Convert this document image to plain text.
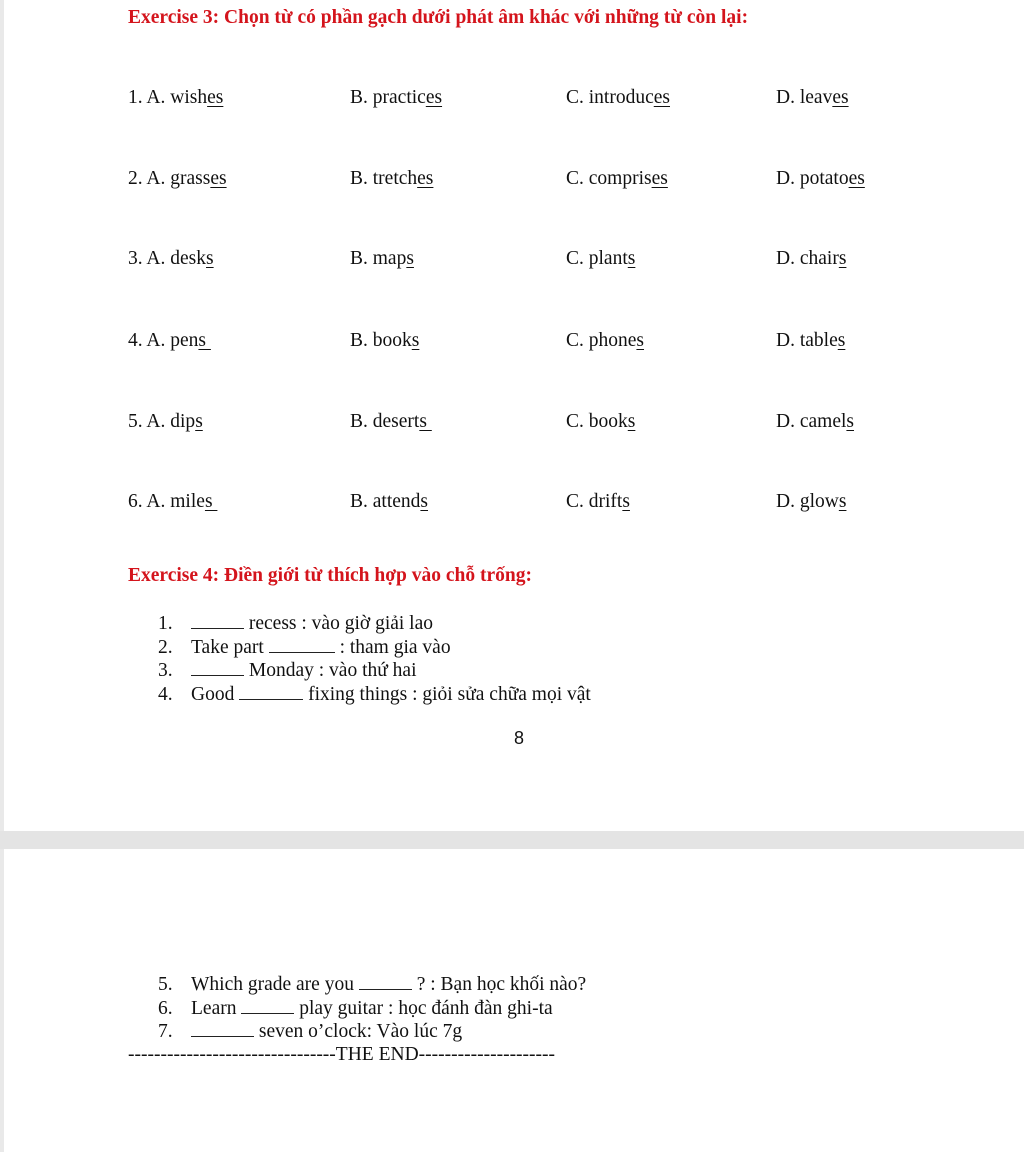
Exercise 3: Chọn từ có phần gạch dưới phát âm khác với những từ còn lại:
1. A. wishes	B. practices	C. introduces	D. leaves
2. A. grasses	B. tretches	C. comprises	D. potatoes
3. A. desks	B. maps	C. plants	D. chairs
4. A. pens	B. books	C. phones	D. tables
5. A. dips	B. deserts	C. books	D. camels
6. A. miles	B. attends	C. drifts	D. glows
Exercise 4: Điền giới từ thích hợp vào chỗ trống:
1.	recess : vào giờ giải lao
2. Take part	: tham gia vào
3.	Monday : vào thứ hai
4. Good	fixing things : giỏi sửa chữa mọi vật
8
5. Which grade are you	? : Bạn học khối nào?
6. Learn	play guitar : học đánh đàn ghi-ta
7.	seven o’clock: Vào lúc 7g
--------------------------------THE END---------------------
